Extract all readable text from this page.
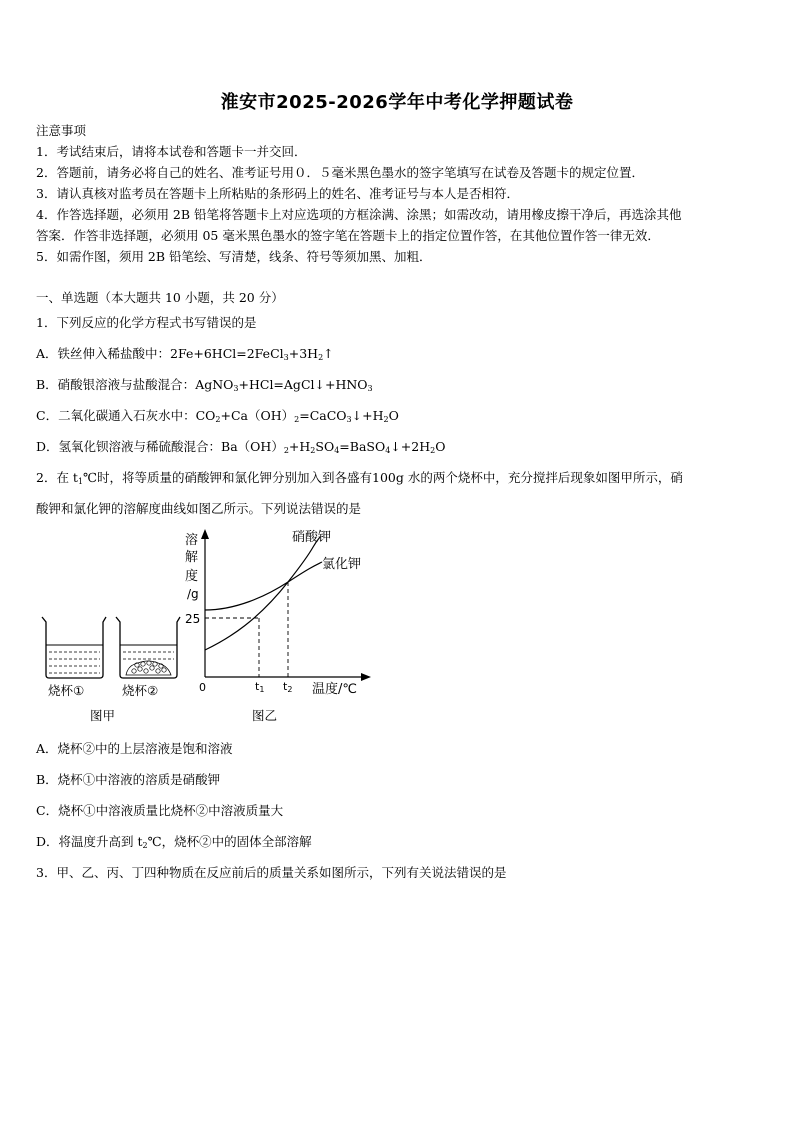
淮安市2025-2026学年中考化学押题试卷
注意事项
1．考试结束后，请将本试卷和答题卡一并交回．
2．答题前，请务必将自己的姓名、准考证号用０．５毫米黑色墨水的签字笔填写在试卷及答题卡的规定位置．
3．请认真核对监考员在答题卡上所粘贴的条形码上的姓名、准考证号与本人是否相符．
4．作答选择题，必须用 2B 铅笔将答题卡上对应选项的方框涂满、涂黑；如需改动，请用橡皮擦干净后，再选涂其他
答案．作答非选择题，必须用 05 毫米黑色墨水的签字笔在答题卡上的指定位置作答，在其他位置作答一律无效．
5．如需作图，须用 2B 铅笔绘、写清楚，线条、符号等须加黑、加粗．
一、单选题（本大题共 10 小题，共 20 分）
1．下列反应的化学方程式书写错误的是
A．铁丝伸入稀盐酸中：$2Fe+6HCl=2FeCl_3+3H_2↑$
B．硝酸银溶液与盐酸混合：$AgNO_3+HCl=AgCl↓+HNO_3$
C．二氧化碳通入石灰水中：$CO_2+Ca(OH)_2=CaCO_3↓+H_2O$
D．氢氧化钡溶液与稀硫酸混合：$Ba(OH)_2+H_2SO_4=BaSO_4↓+2H_2O$
2．在 $t_1℃$时，将等质量的硝酸钾和氯化钾分别加入到各盛有100g 水的两个烧杯中，充分搅拌后现象如图甲所示，硝
酸钾和氯化钾的溶解度曲线如图乙所示。下列说法错误的是
烧杯①	烧杯②
图甲
溶
解
度
/g
25
0
硝酸钾
氯化钾
t1 t2 温度/℃
图乙
A．烧杯②中的上层溶液是饱和溶液
B．烧杯①中溶液的溶质是硝酸钾
C．烧杯①中溶液质量比烧杯②中溶液质量大
D．将温度升高到 $t_2℃$，烧杯②中的固体全部溶解
3．甲、乙、丙、丁四种物质在反应前后的质量关系如图所示，下列有关说法错误的是
